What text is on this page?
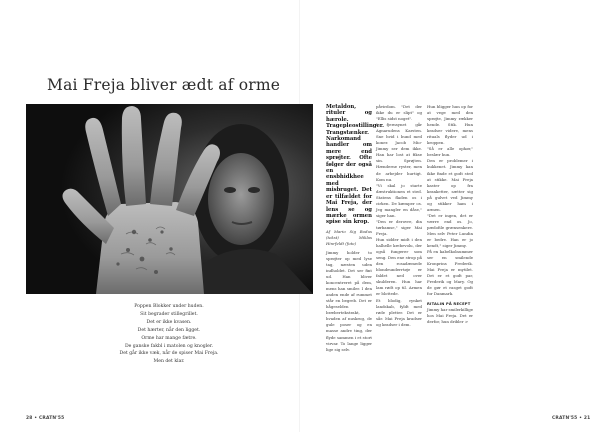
Mai Freja bliver ædt af orme
Poppen Blokker under huden.
Sit begrader stillegrillet.
Det er ikke kvasen.
Det hærter, når den ligget.
Orme har mange fætre.
De ganske fakbl i matolen og knogler.
Det går ikke væk, når de spiser Mai Freja.
Men det klar.

Metaldon, rituler og hærole. Tragepleostillinger. Trangstænker. Narkomand handler om mere end sprøjter. Ofte følger der også en ensbhidkhee med misbruget. Det er tilfældet for Mai Freja, der lens se og mærke ormen spise sin krop.

Af Mario Sig Bodus (tekst) Miklas Hinrfeldt (foto)

Jimmy holder to sprøjter op med lyse tag, næsten uden indholdet. Det ser fint ud. Han bliver koncentreret på dem, mens han smiler. I den anden ende af rummet står en begreb. Det er hågeselden bræbertekstrakt, hvaden af nuskrog, de gule poser og en masse andre ting, der flyde sammen i et stort virvar. To lange ligger lige sig selv.

påvirdom. "Det der ikke du er slipt" og "Ellis sidst noget".

I fjernsynet går Agnarudens Karsten. Sne hvid i bund med koner. Jacob Mio-Jimmy ser dem ikke. Han har lost at fikse sin. Sprøjten. Hænderne ryster, men de arbejder hurtigt. Kom nu.

"Vi skal jo starte dæstruktionen et sted. Statens fladen os i cirken. De kæmper os. Jeg mangler en dåse," siger han.

"Den er derovre, din tørbamse," siger Mai Freja.

Hun sidder midt i den halhelle krebevolu, der også fungerer som seng. Den ene strop på den rosadæmede blondeunderrtøje er faldet ned over skulderen. Hun har lam rødt op til. Armen er blottede.

Et blodig, rynket landskab, fyldt med røde pletter. Det er sår. Mai Freja kradser og kradser i dem.

Hun bligger hun op for at vege med den sprøjte, Jimmy rækker hende. Stik. Hun kradser videre, mens rituals flyder ud i kroppen.

"Så er alle ophør," beslær hun.

Den er problemer i kukkenet. Jimmy kan ikke finde et godt sted at stikke. Mai Freja kaster op fra kranketter, sætter sig på gulvet ved Jimmy og stikker ham i armen.

"Det er ingen, det er værre end os. Jo, pædofile grænsenkere. Men selv Peter Lundin er bedre. Han er jo kendt," siger Jimmy.

På en kabelkolnummer ser en smilende Kronprins Frederik. Mai Freja er mytilet. Det er et godt par, Frederik og Mary. Og de gør et rasget godt for Danmark.

RITALIN PÅ RECEPT

Jimmy har smilerkillige hos Mai Freja. Det er derfor, hun dribler >

28 • CRATN'55	CRATN'55 • 21
